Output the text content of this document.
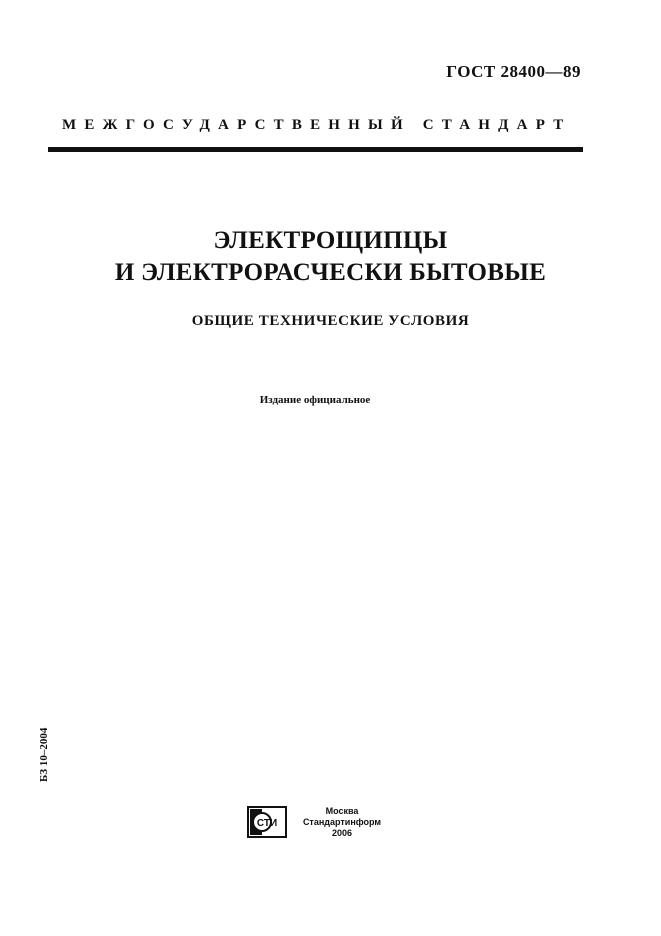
ГОСТ 28400—89
МЕЖГОСУДАРСТВЕННЫЙ СТАНДАРТ
ЭЛЕКТРОЩИПЦЫ
И ЭЛЕКТРОРАСЧЕСКИ БЫТОВЫЕ
ОБЩИЕ ТЕХНИЧЕСКИЕ УСЛОВИЯ
Издание официальное
БЗ 10–2004
СТИ
Москва
Стандартинформ
2006
